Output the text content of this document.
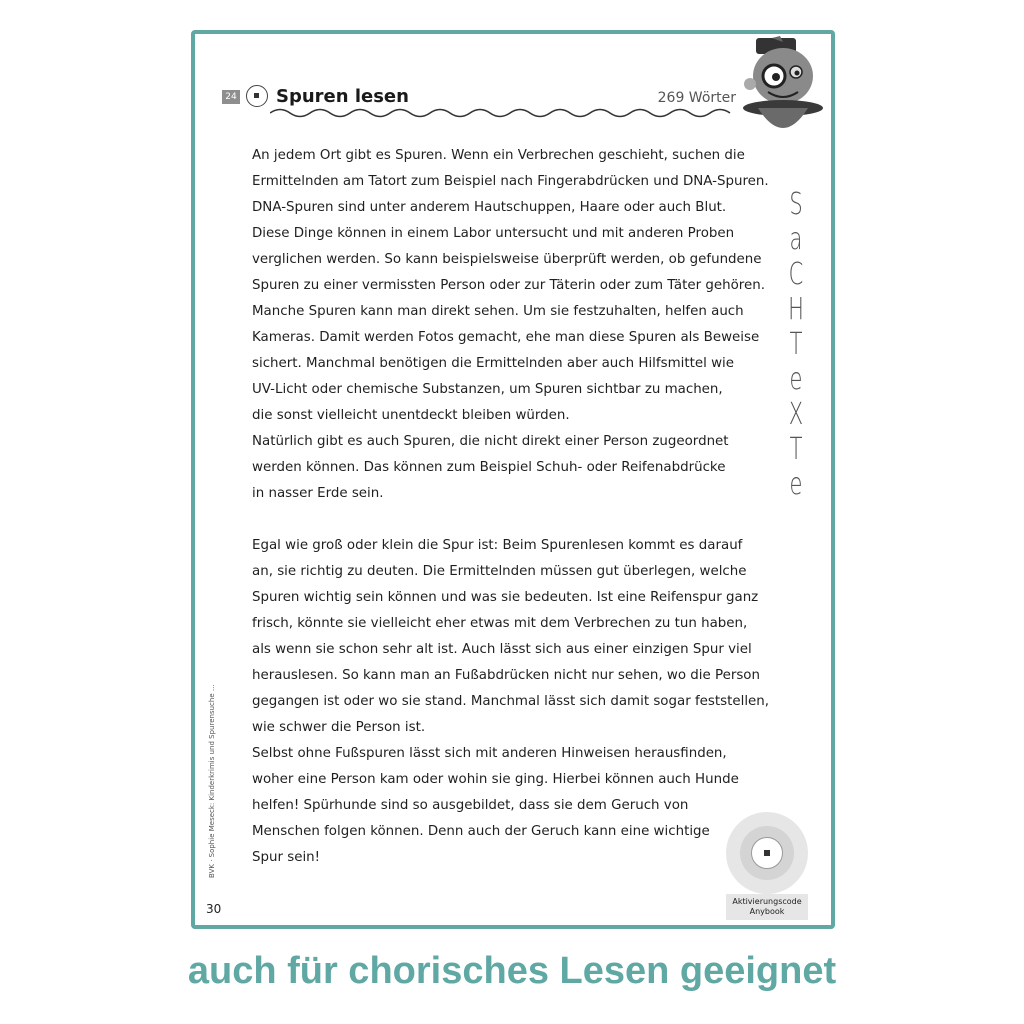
24 Spuren lesen	269 Wörter

An jedem Ort gibt es Spuren. Wenn ein Verbrechen geschieht, suchen die
Ermittelnden am Tatort zum Beispiel nach Fingerabdrücken und DNA-Spuren.
DNA-Spuren sind unter anderem Hautschuppen, Haare oder auch Blut.
Diese Dinge können in einem Labor untersucht und mit anderen Proben
verglichen werden. So kann beispielsweise überprüft werden, ob gefundene
Spuren zu einer vermissten Person oder zur Täterin oder zum Täter gehören.
Manche Spuren kann man direkt sehen. Um sie festzuhalten, helfen auch
Kameras. Damit werden Fotos gemacht, ehe man diese Spuren als Beweise
sichert. Manchmal benötigen die Ermittelnden aber auch Hilfsmittel wie
UV-Licht oder chemische Substanzen, um Spuren sichtbar zu machen,
die sonst vielleicht unentdeckt bleiben würden.
Natürlich gibt es auch Spuren, die nicht direkt einer Person zugeordnet
werden können. Das können zum Beispiel Schuh- oder Reifenabdrücke
in nasser Erde sein.

Egal wie groß oder klein die Spur ist: Beim Spurenlesen kommt es darauf
an, sie richtig zu deuten. Die Ermittelnden müssen gut überlegen, welche
Spuren wichtig sein können und was sie bedeuten. Ist eine Reifenspur ganz
frisch, könnte sie vielleicht eher etwas mit dem Verbrechen zu tun haben,
als wenn sie schon sehr alt ist. Auch lässt sich aus einer einzigen Spur viel
herauslesen. So kann man an Fußabdrücken nicht nur sehen, wo die Person
gegangen ist oder wo sie stand. Manchmal lässt sich damit sogar feststellen,
wie schwer die Person ist.
Selbst ohne Fußspuren lässt sich mit anderen Hinweisen herausfinden,
woher eine Person kam oder wohin sie ging. Hierbei können auch Hunde
helfen! Spürhunde sind so ausgebildet, dass sie dem Geruch von
Menschen folgen können. Denn auch der Geruch kann eine wichtige
Spur sein!

S
a
C
H
T
e
X
T
e
BVK · Sophie Meseck: Kinderkrimis und Spurensuche ...
30
Aktivierungscode
Anybook
auch für chorisches Lesen geeignet
